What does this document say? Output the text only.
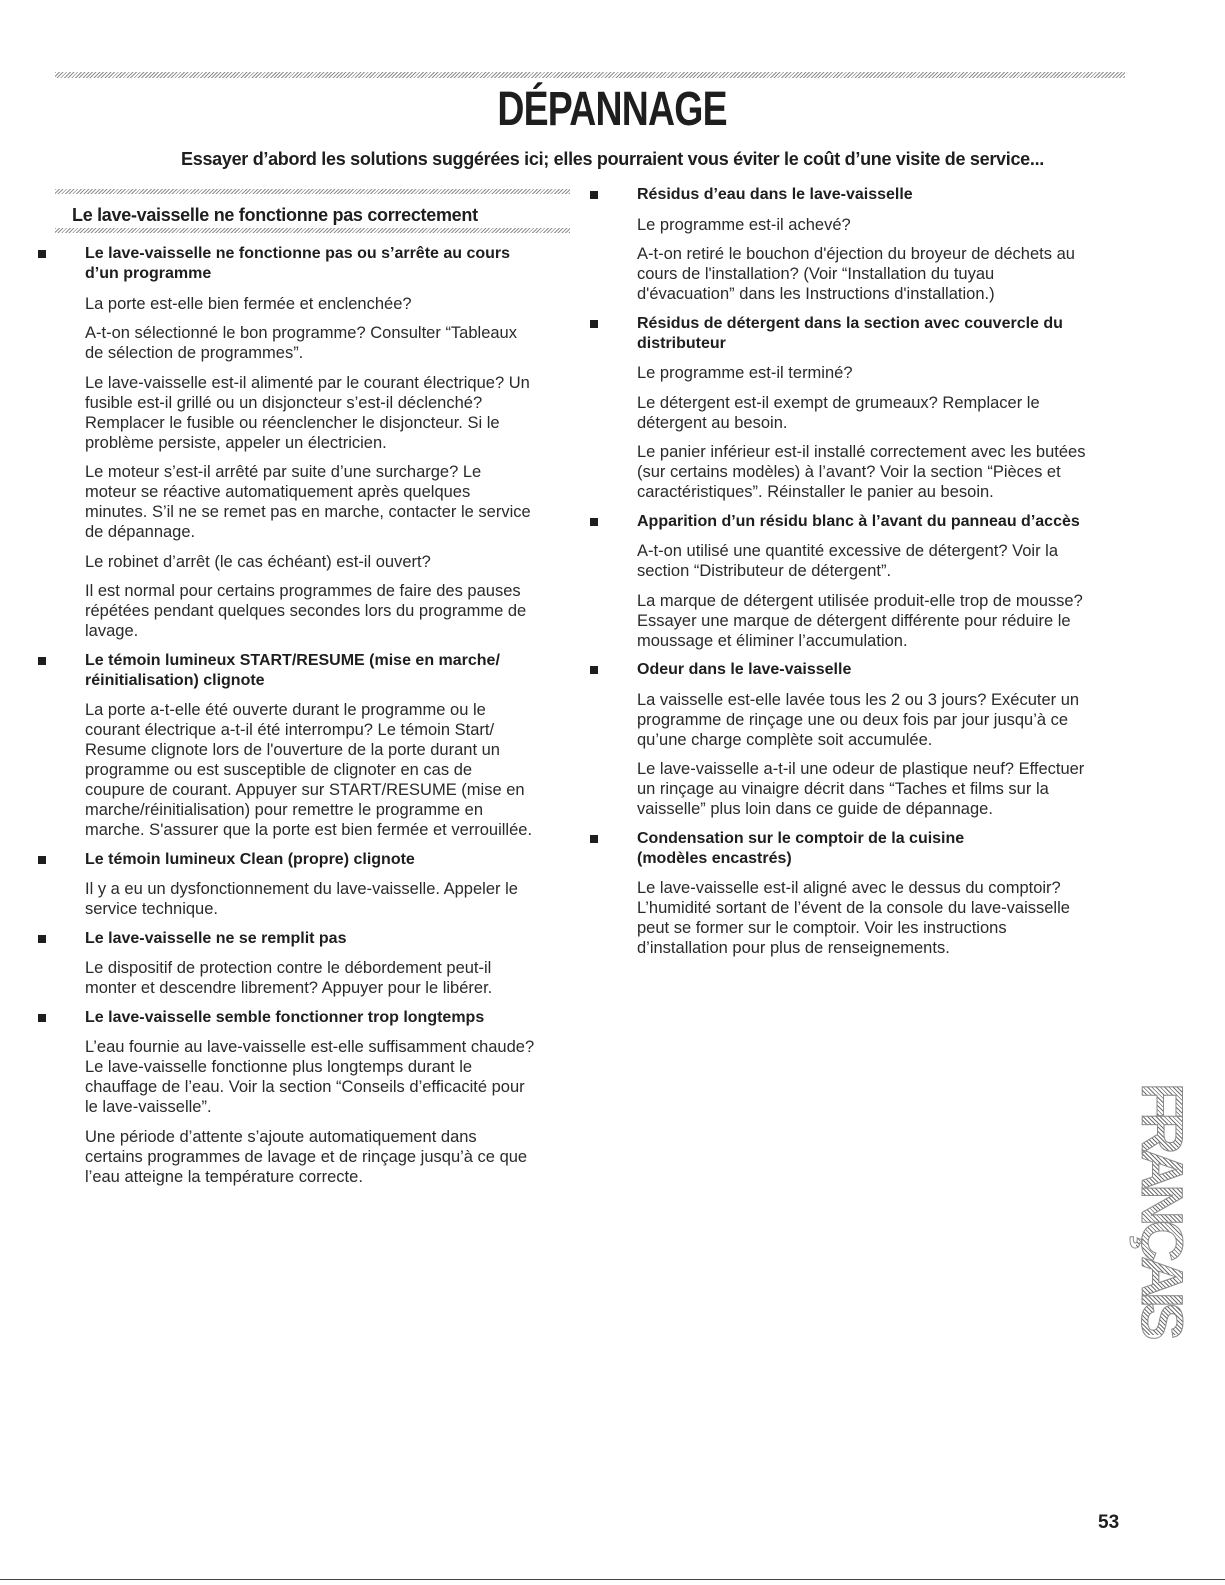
DÉPANNAGE
Essayer d’abord les solutions suggérées ici; elles pourraient vous éviter le coût d’une visite de service...
Le lave-vaisselle ne fonctionne pas correctement
Le lave-vaisselle ne fonctionne pas ou s’arrête au cours
d’un programme
La porte est-elle bien fermée et enclenchée?
A-t-on sélectionné le bon programme? Consulter “Tableaux
de sélection de programmes”.
Le lave-vaisselle est-il alimenté par le courant électrique? Un
fusible est-il grillé ou un disjoncteur s’est-il déclenché?
Remplacer le fusible ou réenclencher le disjoncteur. Si le
problème persiste, appeler un électricien.
Le moteur s’est-il arrêté par suite d’une surcharge? Le
moteur se réactive automatiquement après quelques
minutes. S’il ne se remet pas en marche, contacter le service
de dépannage.
Le robinet d’arrêt (le cas échéant) est-il ouvert?
Il est normal pour certains programmes de faire des pauses
répétées pendant quelques secondes lors du programme de
lavage.
Le témoin lumineux START/RESUME (mise en marche/
réinitialisation) clignote
La porte a-t-elle été ouverte durant le programme ou le
courant électrique a-t-il été interrompu? Le témoin Start/
Resume clignote lors de l'ouverture de la porte durant un
programme ou est susceptible de clignoter en cas de
coupure de courant. Appuyer sur START/RESUME (mise en
marche/réinitialisation) pour remettre le programme en
marche. S'assurer que la porte est bien fermée et verrouillée.
Le témoin lumineux Clean (propre) clignote
Il y a eu un dysfonctionnement du lave-vaisselle. Appeler le
service technique.
Le lave-vaisselle ne se remplit pas
Le dispositif de protection contre le débordement peut-il
monter et descendre librement? Appuyer pour le libérer.
Le lave-vaisselle semble fonctionner trop longtemps
L’eau fournie au lave-vaisselle est-elle suffisamment chaude?
Le lave-vaisselle fonctionne plus longtemps durant le
chauffage de l’eau. Voir la section “Conseils d’efficacité pour
le lave-vaisselle”.
Une période d’attente s’ajoute automatiquement dans
certains programmes de lavage et de rinçage jusqu’à ce que
l’eau atteigne la température correcte.
Résidus d’eau dans le lave-vaisselle
Le programme est-il achevé?
A-t-on retiré le bouchon d'éjection du broyeur de déchets au
cours de l'installation? (Voir “Installation du tuyau
d'évacuation” dans les Instructions d'installation.)
Résidus de détergent dans la section avec couvercle du
distributeur
Le programme est-il terminé?
Le détergent est-il exempt de grumeaux? Remplacer le
détergent au besoin.
Le panier inférieur est-il installé correctement avec les butées
(sur certains modèles) à l’avant? Voir la section “Pièces et
caractéristiques”. Réinstaller le panier au besoin.
Apparition d’un résidu blanc à l’avant du panneau d’accès
A-t-on utilisé une quantité excessive de détergent? Voir la
section “Distributeur de détergent”.
La marque de détergent utilisée produit-elle trop de mousse?
Essayer une marque de détergent différente pour réduire le
moussage et éliminer l’accumulation.
Odeur dans le lave-vaisselle
La vaisselle est-elle lavée tous les 2 ou 3 jours? Exécuter un
programme de rinçage une ou deux fois par jour jusqu’à ce
qu’une charge complète soit accumulée.
Le lave-vaisselle a-t-il une odeur de plastique neuf? Effectuer
un rinçage au vinaigre décrit dans “Taches et films sur la
vaisselle” plus loin dans ce guide de dépannage.
Condensation sur le comptoir de la cuisine
(modèles encastrés)
Le lave-vaisselle est-il aligné avec le dessus du comptoir?
L’humidité sortant de l’évent de la console du lave-vaisselle
peut se former sur le comptoir. Voir les instructions
d’installation pour plus de renseignements.
FRANÇAIS
53
